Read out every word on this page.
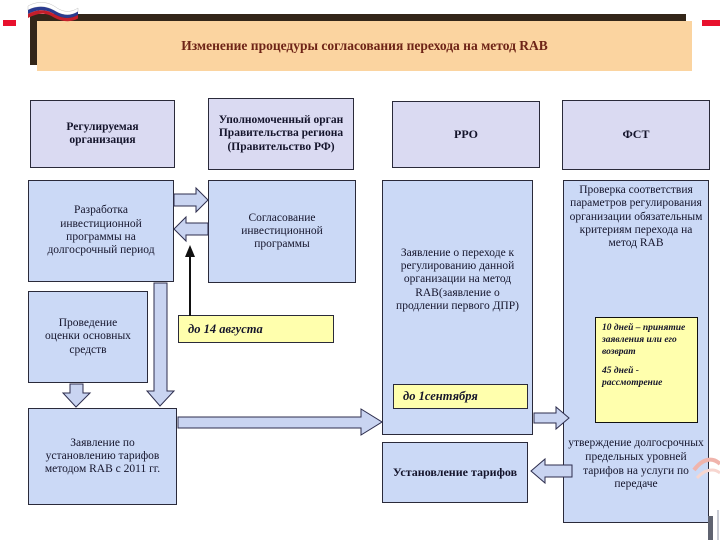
Изменение процедуры согласования перехода на метод RAB
Регулируемая организация
Уполномоченный орган Правительства региона (Правительство РФ)
РРО	ФСТ
Разработка инвестиционной программы на долгосрочный период
Проведение оценки основных средств
Заявление по установлению тарифов методом RAB с 2011 гг.
Согласование инвестиционной программы
до 14 августа
Заявление о переходе к регулированию данной организации на метод RAB(заявление о продлении первого ДПР)
до 1сентября
Установление тарифов
Проверка соответствия параметров регулирования организации обязательным критериям перехода на метод RAB
утверждение долгосрочных предельных уровней тарифов на услуги по передаче

10 дней – принятие заявления или его возврат

45 дней - рассмотрение
